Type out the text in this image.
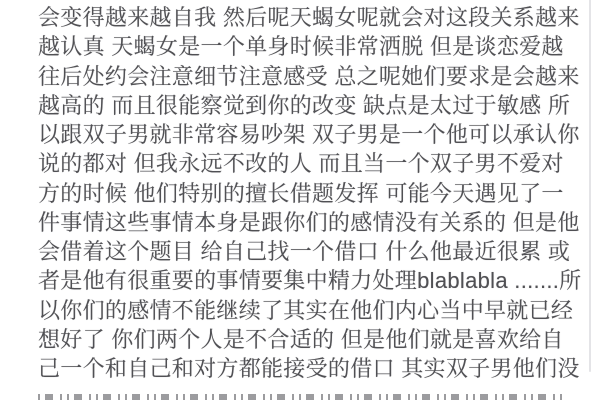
会变得越来越自我 然后呢天蝎女呢就会对这段关系越来
越认真 天蝎女是一个单身时候非常洒脱 但是谈恋爱越
往后处约会注意细节注意感受 总之呢她们要求是会越来
越高的 而且很能察觉到你的改变 缺点是太过于敏感 所
以跟双子男就非常容易吵架 双子男是一个他可以承认你
说的都对 但我永远不改的人 而且当一个双子男不爱对
方的时候 他们特别的擅长借题发挥 可能今天遇见了一
件事情这些事情本身是跟你们的感情没有关系的 但是他
会借着这个题目 给自己找一个借口 什么他最近很累 或
者是他有很重要的事情要集中精力处理blablabla .......所
以你们的感情不能继续了其实在他们内心当中早就已经
想好了 你们两个人是不合适的 但是他们就是喜欢给自
己一个和自己和对方都能接受的借口 其实双子男他们没
